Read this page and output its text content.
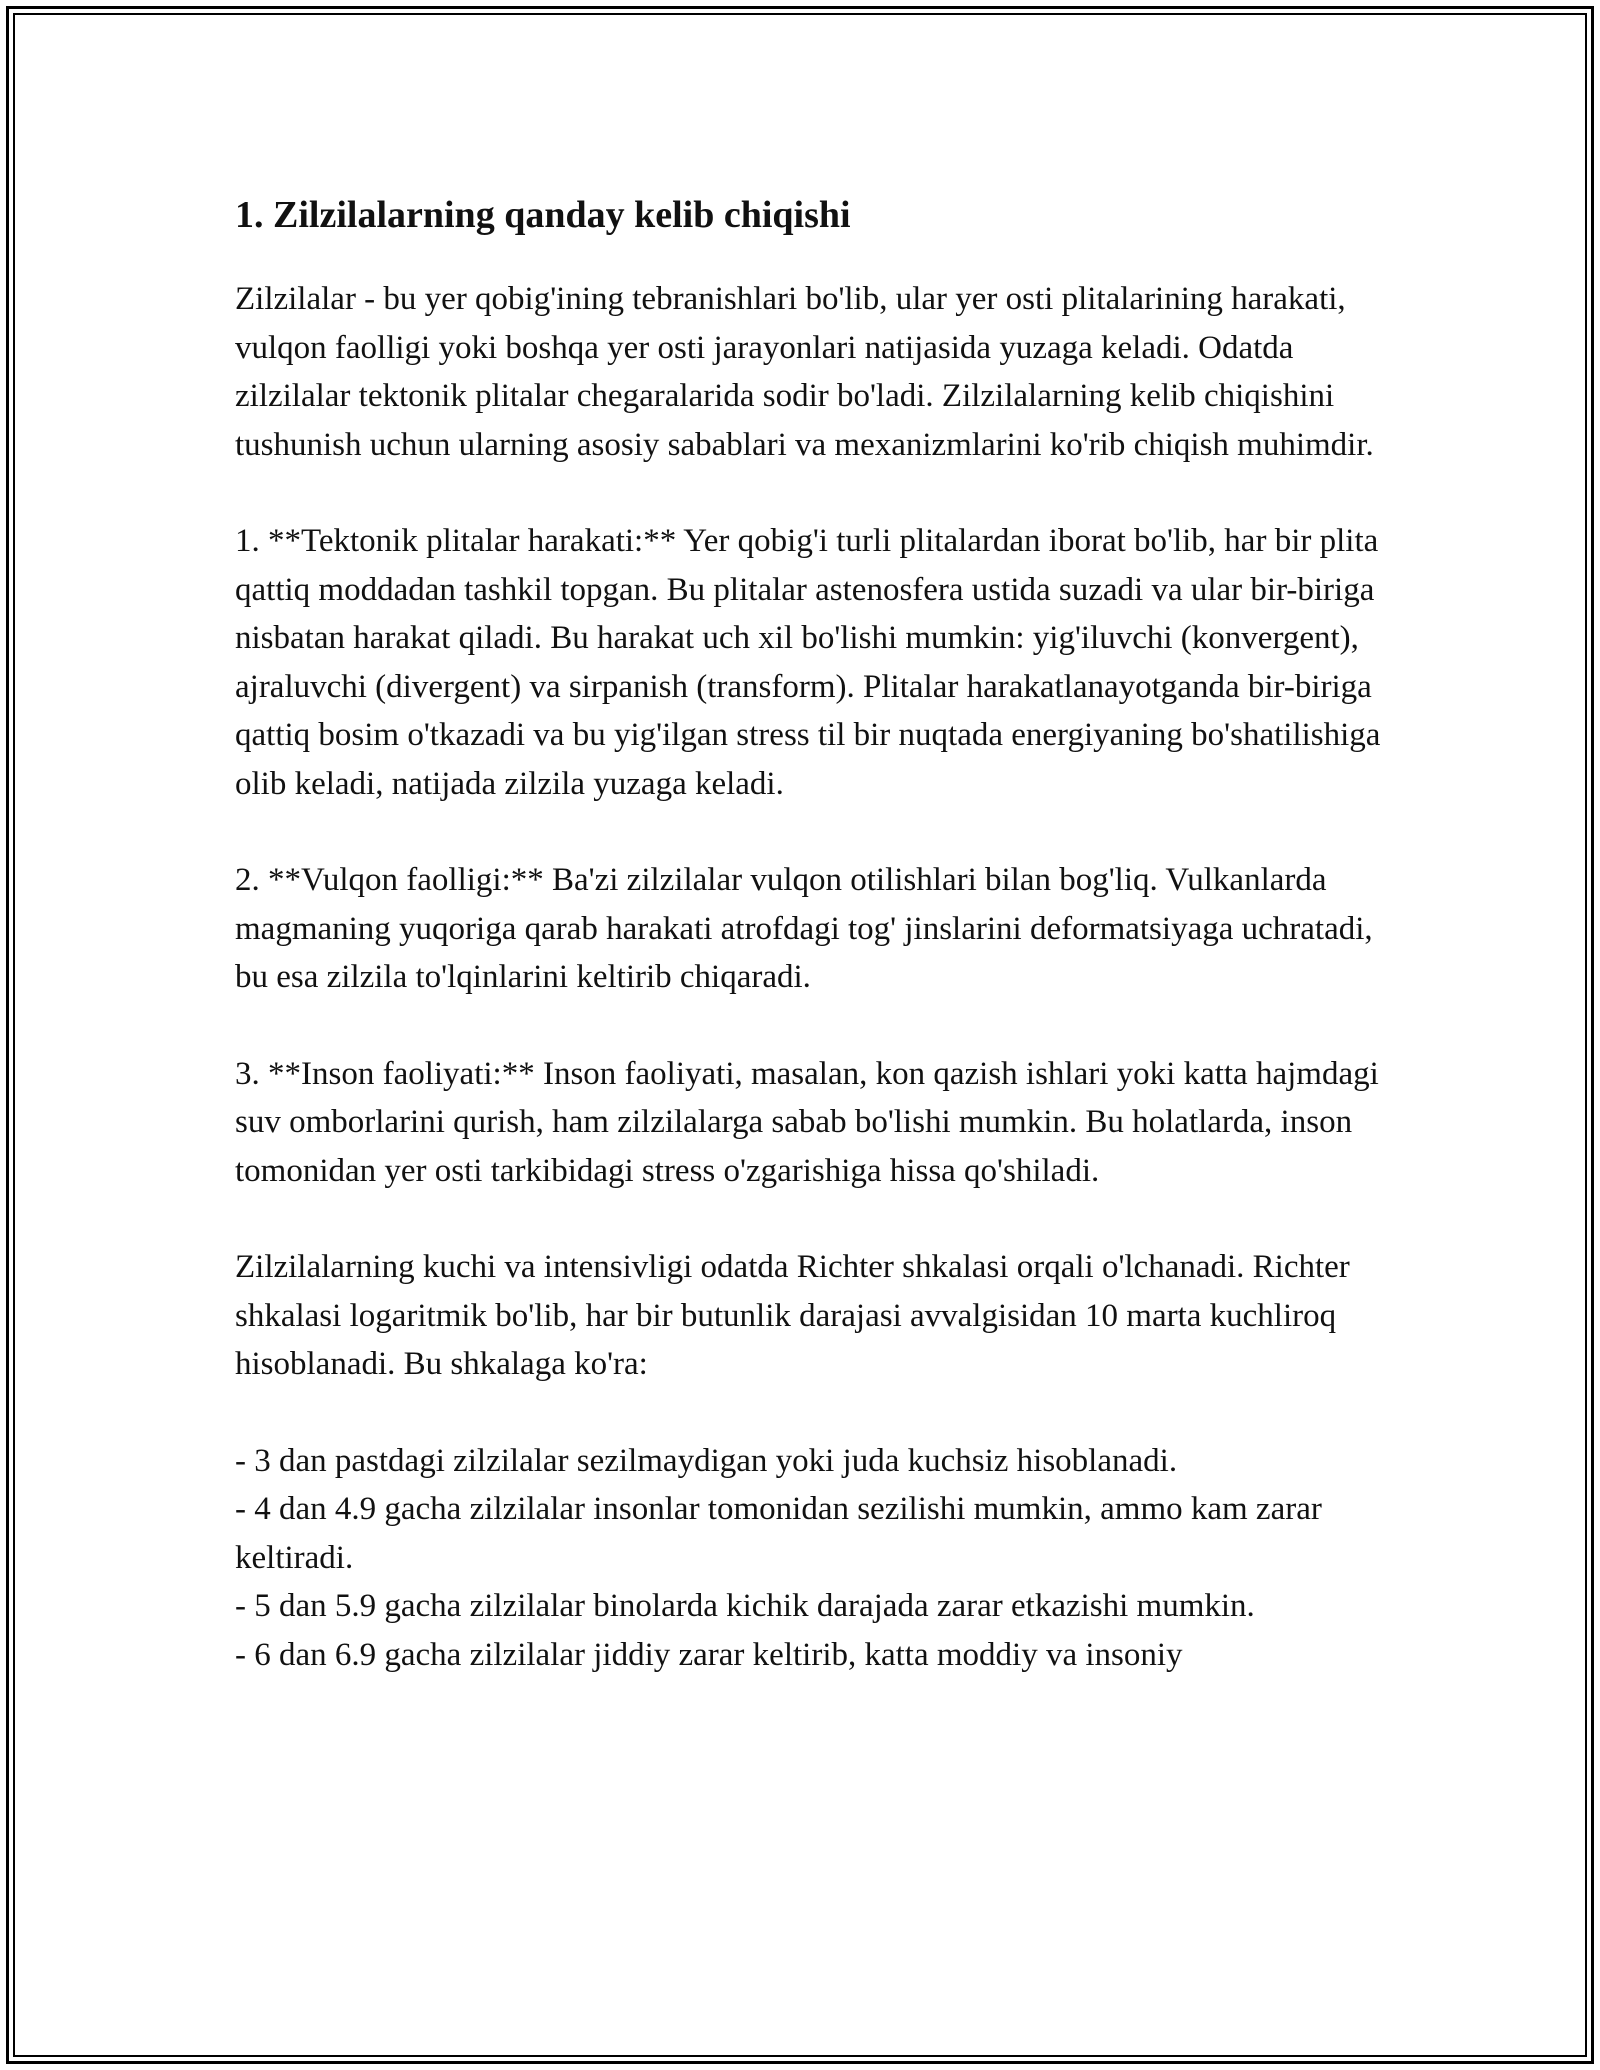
1. Zilzilalarning qanday kelib chiqishi

Zilzilalar - bu yer qobig'ining tebranishlari bo'lib, ular yer osti plitalarining harakati, vulqon faolligi yoki boshqa yer osti jarayonlari natijasida yuzaga keladi. Odatda zilzilalar tektonik plitalar chegaralarida sodir bo'ladi. Zilzilalarning kelib chiqishini tushunish uchun ularning asosiy sabablari va mexanizmlarini ko'rib chiqish muhimdir.

1. **Tektonik plitalar harakati:** Yer qobig'i turli plitalardan iborat bo'lib, har bir plita qattiq moddadan tashkil topgan. Bu plitalar astenosfera ustida suzadi va ular bir-biriga nisbatan harakat qiladi. Bu harakat uch xil bo'lishi mumkin: yig'iluvchi (konvergent), ajraluvchi (divergent) va sirpanish (transform). Plitalar harakatlanayotganda bir-biriga qattiq bosim o'tkazadi va bu yig'ilgan stress til bir nuqtada energiyaning bo'shatilishiga olib keladi, natijada zilzila yuzaga keladi.

2. **Vulqon faolligi:** Ba'zi zilzilalar vulqon otilishlari bilan bog'liq. Vulkanlarda magmaning yuqoriga qarab harakati atrofdagi tog' jinslarini deformatsiyaga uchratadi, bu esa zilzila to'lqinlarini keltirib chiqaradi.

3. **Inson faoliyati:** Inson faoliyati, masalan, kon qazish ishlari yoki katta hajmdagi suv omborlarini qurish, ham zilzilalarga sabab bo'lishi mumkin. Bu holatlarda, inson tomonidan yer osti tarkibidagi stress o'zgarishiga hissa qo'shiladi.

Zilzilalarning kuchi va intensivligi odatda Richter shkalasi orqali o'lchanadi. Richter shkalasi logaritmik bo'lib, har bir butunlik darajasi avvalgisidan 10 marta kuchliroq hisoblanadi. Bu shkalaga ko'ra:

- 3 dan pastdagi zilzilalar sezilmaydigan yoki juda kuchsiz hisoblanadi.
- 4 dan 4.9 gacha zilzilalar insonlar tomonidan sezilishi mumkin, ammo kam zarar keltiradi.
- 5 dan 5.9 gacha zilzilalar binolarda kichik darajada zarar etkazishi mumkin.
- 6 dan 6.9 gacha zilzilalar jiddiy zarar keltirib, katta moddiy va insoniy
